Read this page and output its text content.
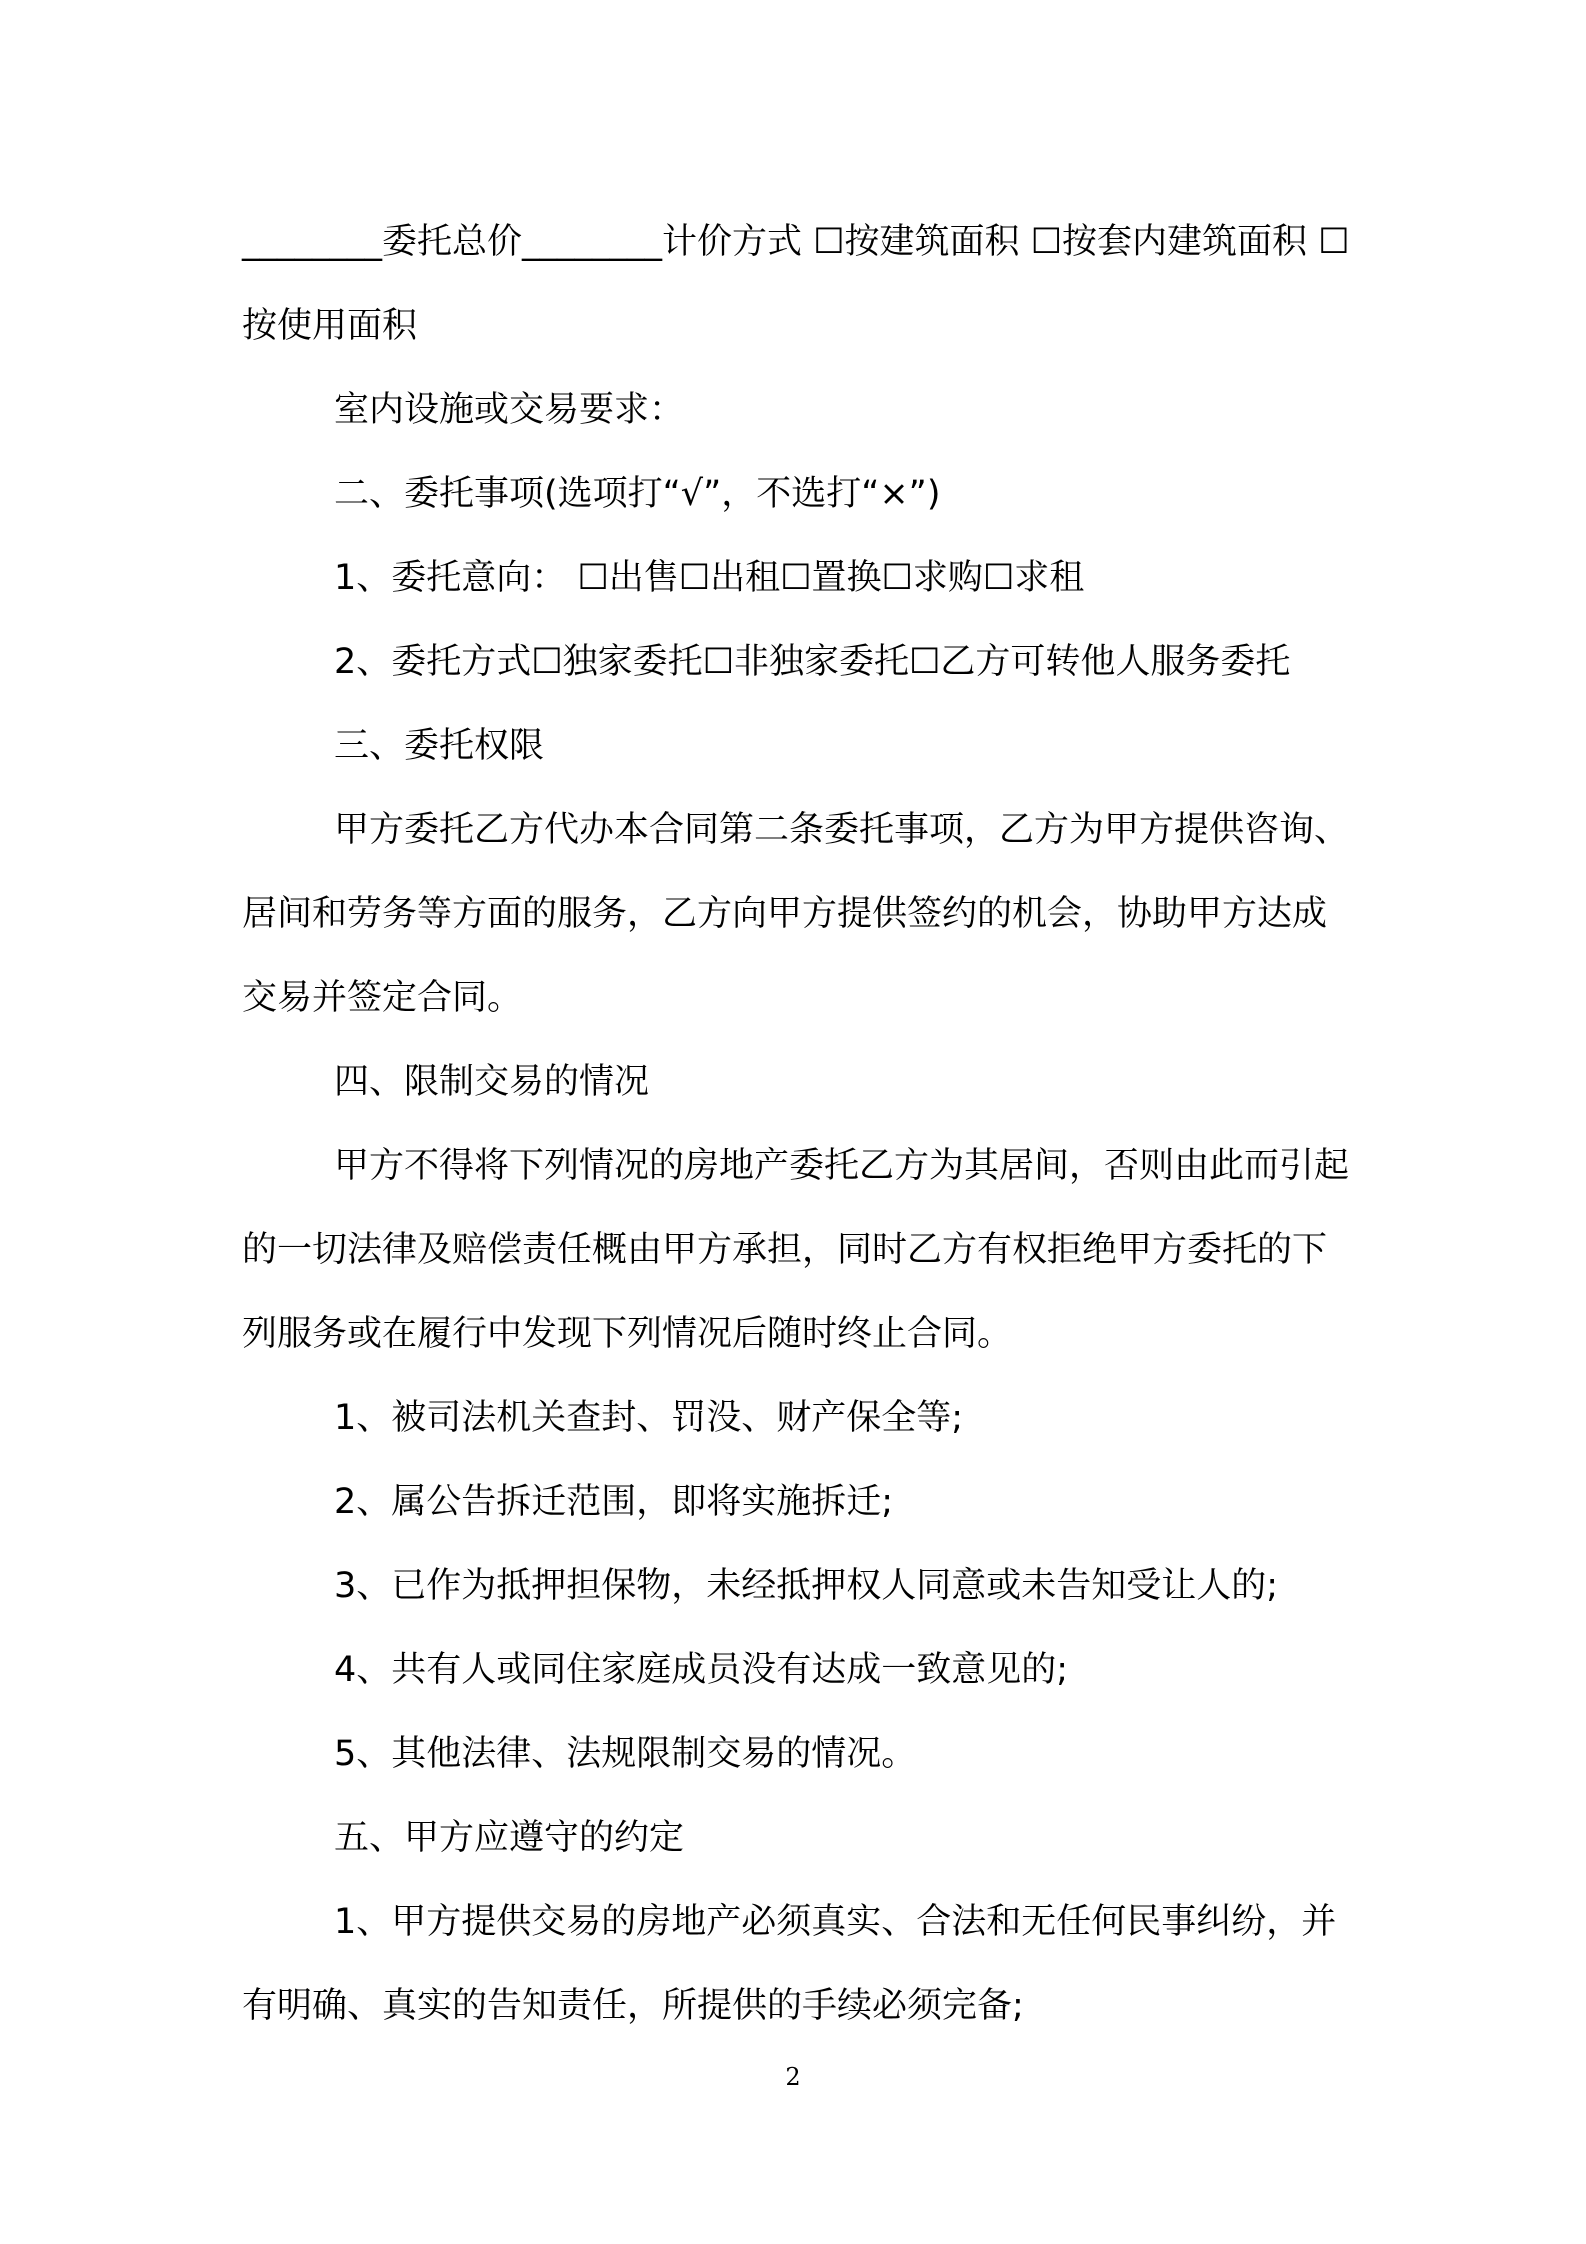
________委托总价________计价方式 ☐按建筑面积 ☐按套内建筑面积 ☐按使用面积

室内设施或交易要求：

二、委托事项(选项打“√”，不选打“×”)

1、委托意向： ☐出售☐出租☐置换☐求购☐求租

2、委托方式☐独家委托☐非独家委托☐乙方可转他人服务委托

三、委托权限

甲方委托乙方代办本合同第二条委托事项，乙方为甲方提供咨询、居间和劳务等方面的服务，乙方向甲方提供签约的机会，协助甲方达成交易并签定合同。

四、限制交易的情况

甲方不得将下列情况的房地产委托乙方为其居间，否则由此而引起的一切法律及赔偿责任概由甲方承担，同时乙方有权拒绝甲方委托的下列服务或在履行中发现下列情况后随时终止合同。

1、被司法机关查封、罚没、财产保全等;

2、属公告拆迁范围，即将实施拆迁;

3、已作为抵押担保物，未经抵押权人同意或未告知受让人的;

4、共有人或同住家庭成员没有达成一致意见的;

5、其他法律、法规限制交易的情况。

五、甲方应遵守的约定

1、甲方提供交易的房地产必须真实、合法和无任何民事纠纷，并有明确、真实的告知责任，所提供的手续必须完备;

2
